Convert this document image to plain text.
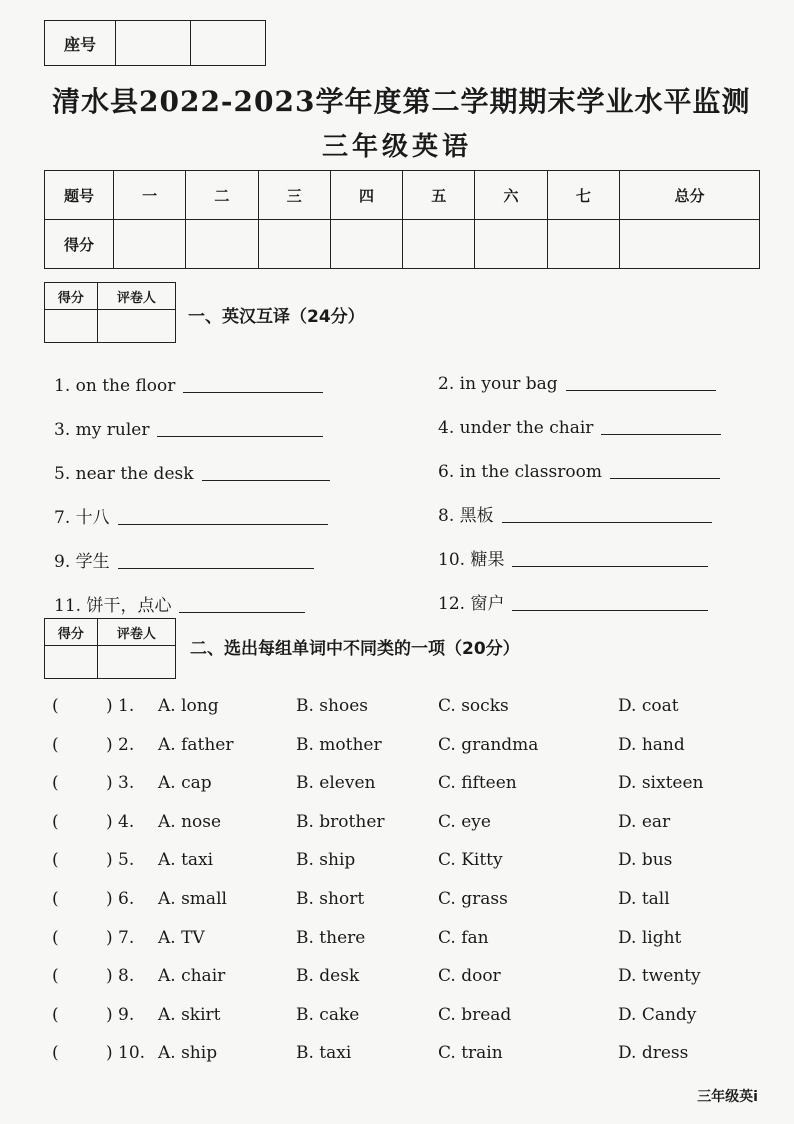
座号		
清水县2022-2023学年度第二学期期末学业水平监测
三年级英语
题号	一	二	三	四	五	六	七	总分
得分								
得分	评卷人

一、英汉互译（24分）
1.
on the floor
3.
my ruler
5.
near the desk
7.
十八
9.
学生
11.
饼干，点心
2.
in your bag
4.
under the chair
6.
in the classroom
8.
黑板
10.
糖果
12.
窗户
得分	评卷人

二、选出每组单词中不同类的一项（20分）
(	) 1. A. long	B. shoes	C. socks	D. coat
(	) 2. A. father	B. mother	C. grandma	D. hand
(	) 3. A. cap	B. eleven	C. fifteen	D. sixteen
(	) 4. A. nose	B. brother	C. eye	D. ear
(	) 5. A. taxi	B. ship	C. Kitty	D. bus
(	) 6. A. small	B. short	C. grass	D. tall
(	) 7. A. TV	B. there	C. fan	D. light
(	) 8. A. chair	B. desk	C. door	D. twenty
(	) 9. A. skirt	B. cake	C. bread	D. Candy
(	) 10. A. ship	B. taxi	C. train	D. dress
三年级英i
